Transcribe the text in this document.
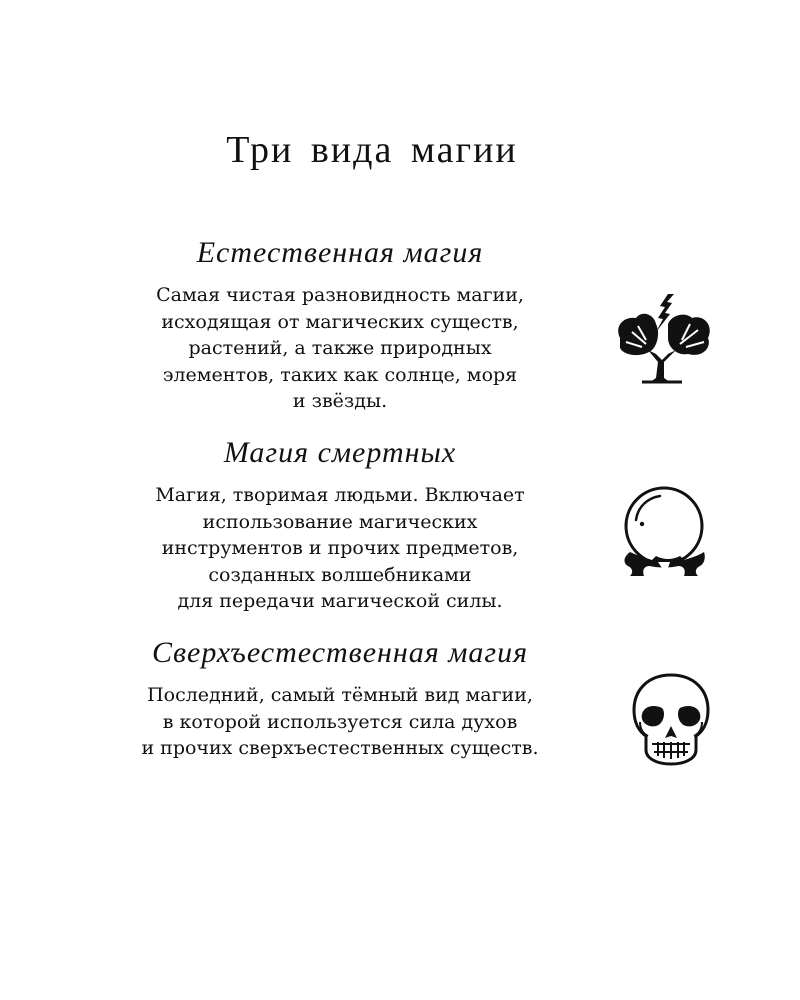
Три вида магии
Естественная магия

Самая чистая разновидность магии,
исходящая от магических существ,
растений, а также природных
элементов, таких как солнце, моря
и звёзды.

Магия смертных

Магия, творимая людьми. Включает
использование магических
инструментов и прочих предметов,
созданных волшебниками
для передачи магической силы.

Сверхъестественная магия

Последний, самый тёмный вид магии,
в которой используется сила духов
и прочих сверхъестественных существ.
